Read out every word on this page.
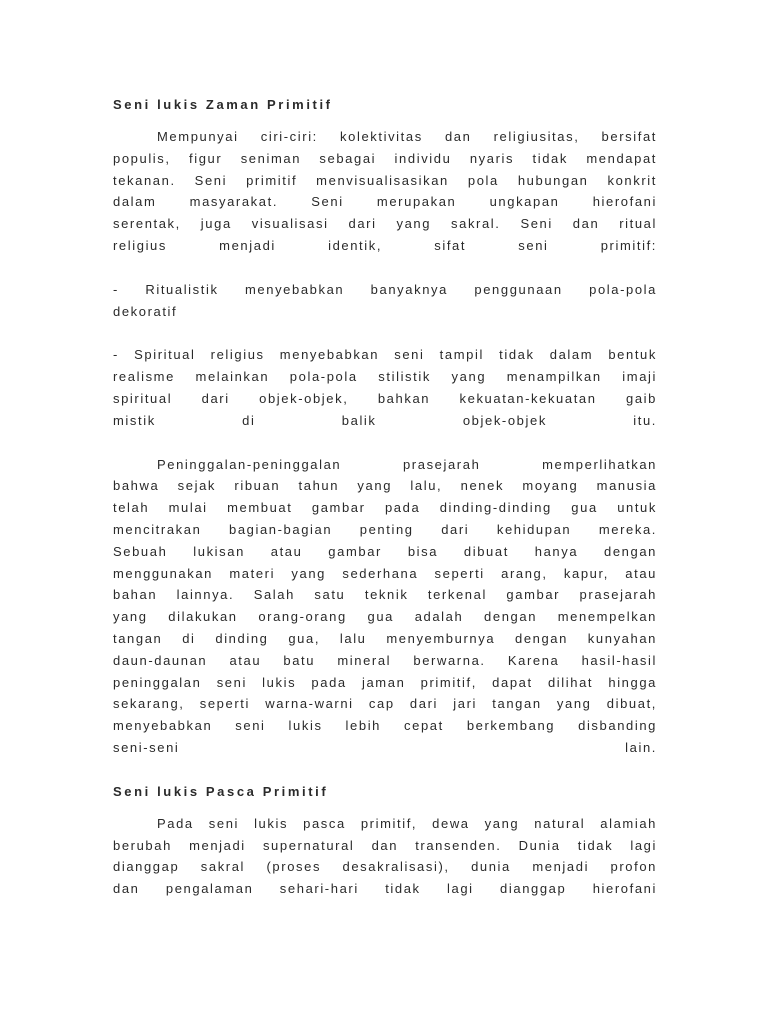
Seni lukis Zaman Primitif

Mempunyai ciri-ciri: kolektivitas dan religiusitas, bersifat
populis, figur seniman sebagai individu nyaris tidak mendapat
tekanan. Seni primitif menvisualisasikan pola hubungan konkrit
dalam masyarakat. Seni merupakan ungkapan hierofani
serentak, juga visualisasi dari yang sakral. Seni dan ritual
religius menjadi identik, sifat seni primitif:

- Ritualistik menyebabkan banyaknya penggunaan pola-pola
dekoratif

- Spiritual religius menyebabkan seni tampil tidak dalam bentuk
realisme melainkan pola-pola stilistik yang menampilkan imaji
spiritual dari objek-objek, bahkan kekuatan-kekuatan gaib
mistik di balik objek-objek itu.

Peninggalan-peninggalan prasejarah memperlihatkan
bahwa sejak ribuan tahun yang lalu, nenek moyang manusia
telah mulai membuat gambar pada dinding-dinding gua untuk
mencitrakan bagian-bagian penting dari kehidupan mereka.
Sebuah lukisan atau gambar bisa dibuat hanya dengan
menggunakan materi yang sederhana seperti arang, kapur, atau
bahan lainnya. Salah satu teknik terkenal gambar prasejarah
yang dilakukan orang-orang gua adalah dengan menempelkan
tangan di dinding gua, lalu menyemburnya dengan kunyahan
daun-daunan atau batu mineral berwarna. Karena hasil-hasil
peninggalan seni lukis pada jaman primitif, dapat dilihat hingga
sekarang, seperti warna-warni cap dari jari tangan yang dibuat,
menyebabkan seni lukis lebih cepat berkembang disbanding
seni-seni lain.

Seni lukis Pasca Primitif

Pada seni lukis pasca primitif, dewa yang natural alamiah
berubah menjadi supernatural dan transenden. Dunia tidak lagi
dianggap sakral (proses desakralisasi), dunia menjadi profon
dan pengalaman sehari-hari tidak lagi dianggap hierofani
